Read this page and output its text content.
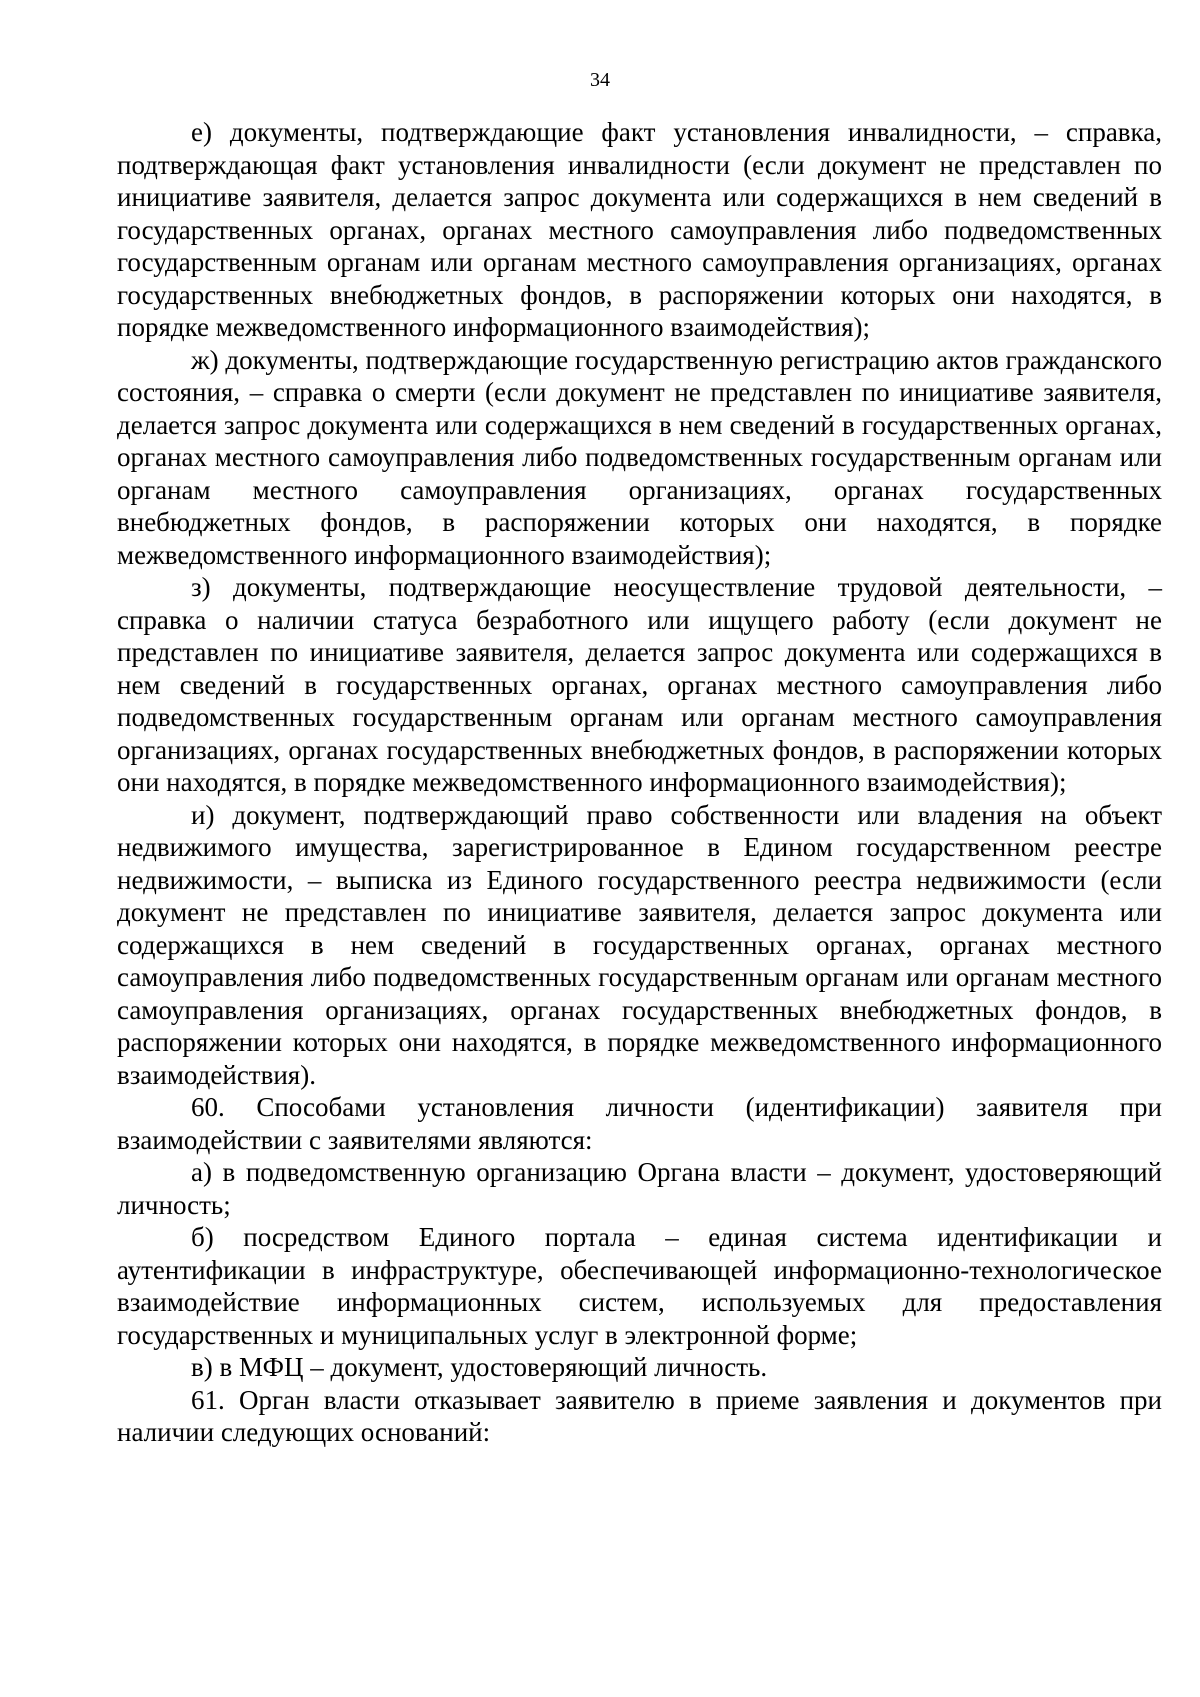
34

е) документы, подтверждающие факт установления инвалидности, – справка, подтверждающая факт установления инвалидности (если документ не представлен по инициативе заявителя, делается запрос документа или содержащихся в нем сведений в государственных органах, органах местного самоуправления либо подведомственных государственным органам или органам местного самоуправления организациях, органах государственных внебюджетных фондов, в распоряжении которых они находятся, в порядке межведомственного информационного взаимодействия);

ж) документы, подтверждающие государственную регистрацию актов гражданского состояния, – справка о смерти (если документ не представлен по инициативе заявителя, делается запрос документа или содержащихся в нем сведений в государственных органах, органах местного самоуправления либо подведомственных государственным органам или органам местного самоуправления организациях, органах государственных внебюджетных фондов, в распоряжении которых они находятся, в порядке межведомственного информационного взаимодействия);

з) документы, подтверждающие неосуществление трудовой деятельности, – справка о наличии статуса безработного или ищущего работу (если документ не представлен по инициативе заявителя, делается запрос документа или содержащихся в нем сведений в государственных органах, органах местного самоуправления либо подведомственных государственным органам или органам местного самоуправления организациях, органах государственных внебюджетных фондов, в распоряжении которых они находятся, в порядке межведомственного информационного взаимодействия);

и) документ, подтверждающий право собственности или владения на объект недвижимого имущества, зарегистрированное в Едином государственном реестре недвижимости, – выписка из Единого государственного реестра недвижимости (если документ не представлен по инициативе заявителя, делается запрос документа или содержащихся в нем сведений в государственных органах, органах местного самоуправления либо подведомственных государственным органам или органам местного самоуправления организациях, органах государственных внебюджетных фондов, в распоряжении которых они находятся, в порядке межведомственного информационного взаимодействия).

60. Способами установления личности (идентификации) заявителя при взаимодействии с заявителями являются:

а) в подведомственную организацию Органа власти – документ, удостоверяющий личность;

б) посредством Единого портала – единая система идентификации и аутентификации в инфраструктуре, обеспечивающей информационно-технологическое взаимодействие информационных систем, используемых для предоставления государственных и муниципальных услуг в электронной форме;

в) в МФЦ – документ, удостоверяющий личность.

61. Орган власти отказывает заявителю в приеме заявления и документов при наличии следующих оснований:
